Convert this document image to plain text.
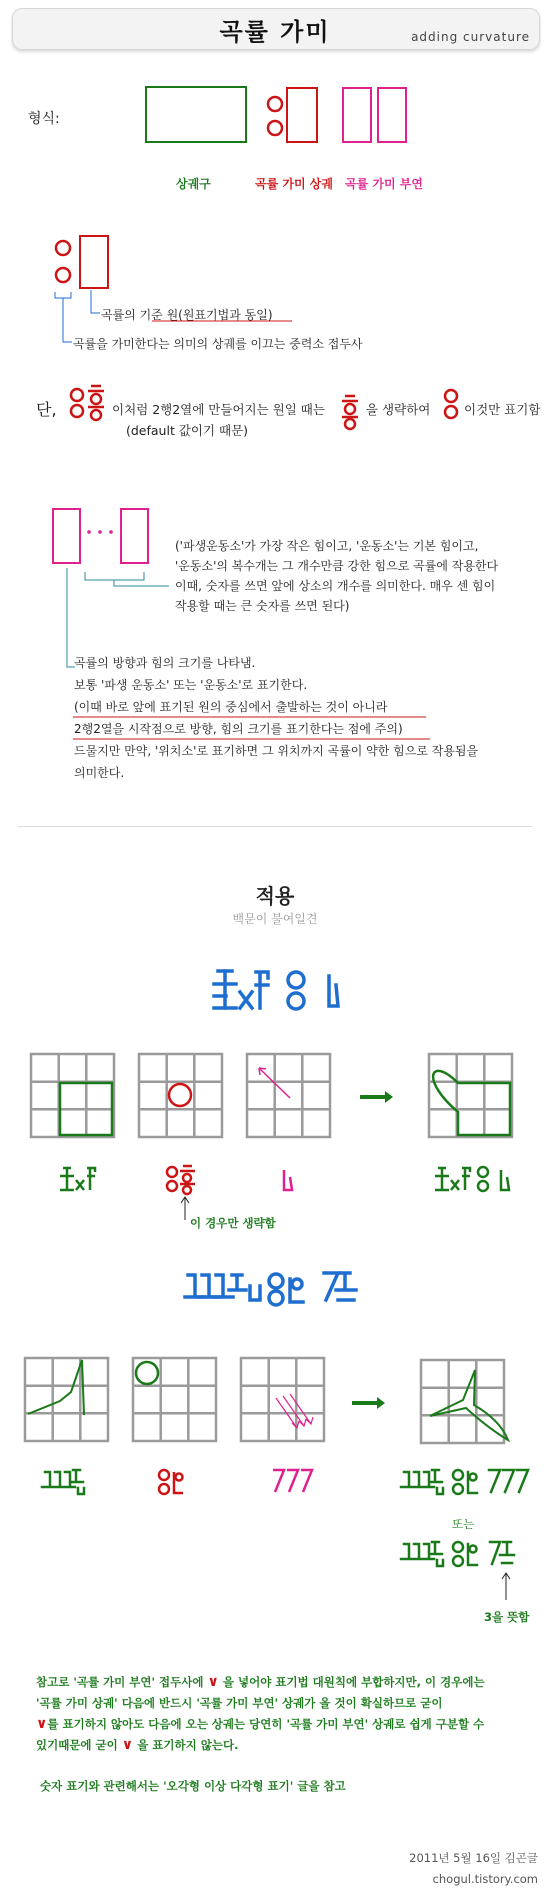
곡률 가미	adding curvature
형식:
상궤구	곡률 가미 상궤 곡률 가미 부연
곡률의 기준 원(원표기법과 동일)
곡률을 가미한다는 의미의 상궤를 이끄는 중력소 접두사
단,	이처럼 2행2열에 만들어지는 원일 때는	을 생략하여	이것만 표기함
(default 값이기 때문)
('파생운동소'가 가장 작은 힘이고, '운동소'는 기본 힘이고,
'운동소'의 복수개는 그 개수만큼 강한 힘으로 곡률에 작용한다
이때, 숫자를 쓰면 앞에 상소의 개수를 의미한다. 매우 센 힘이
작용할 때는 큰 숫자를 쓰면 된다)
곡률의 방향과 힘의 크기를 나타냄.
보통 '파생 운동소' 또는 '운동소'로 표기한다.
(이때 바로 앞에 표기된 원의 중심에서 출발하는 것이 아니라
2행2열을 시작점으로 방향, 힘의 크기를 표기한다는 점에 주의)
드물지만 만약, '위치소'로 표기하면 그 위치까지 곡률이 약한 힘으로 작용됨을
의미한다.
적용
백문이 불여일견
이 경우만 생략함
또는
3을 뜻함
참고로 '곡률 가미 부연' 접두사에 ∨ 을 넣어야 표기법 대원칙에 부합하지만, 이 경우에는
'곡률 가미 상궤' 다음에 반드시 '곡률 가미 부연' 상궤가 올 것이 확실하므로 굳이
∨를 표기하지 않아도 다음에 오는 상궤는 당연히 '곡률 가미 부연' 상궤로 쉽게 구분할 수
있기때문에 굳이 ∨ 을 표기하지 않는다.
숫자 표기와 관련해서는 '오각형 이상 다각형 표기' 글을 참고
2011년 5월 16일 김곤글
chogul.tistory.com
